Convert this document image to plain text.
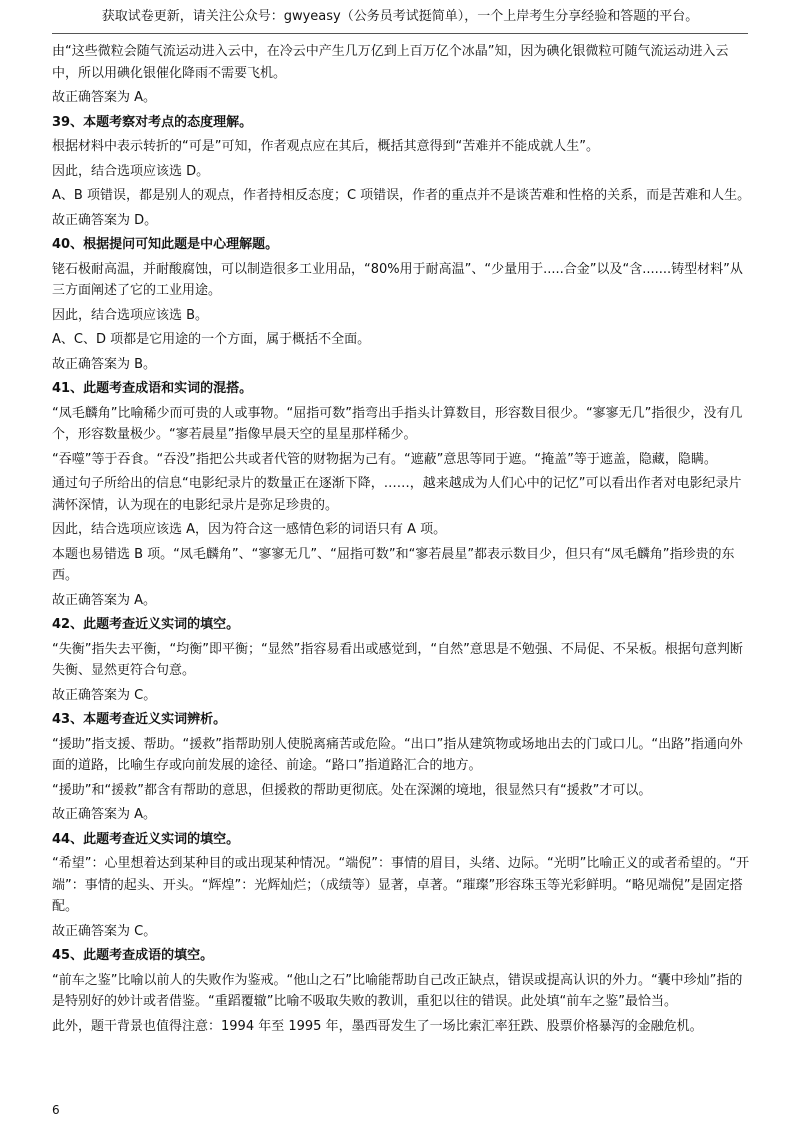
获取试卷更新，请关注公众号：gwyeasy（公务员考试挺简单），一个上岸考生分享经验和答题的平台。
由“这些微粒会随气流运动进入云中，在冷云中产生几万亿到上百万亿个冰晶”知，因为碘化银微粒可随气流运动进入云中，所以用碘化银催化降雨不需要飞机。
故正确答案为 A。
39、本题考察对考点的态度理解。
根据材料中表示转折的“可是”可知，作者观点应在其后，概括其意得到“苦难并不能成就人生”。
因此，结合选项应该选 D。
A、B 项错误，都是别人的观点，作者持相反态度；C 项错误，作者的重点并不是谈苦难和性格的关系，而是苦难和人生。
故正确答案为 D。
40、根据提问可知此题是中心理解题。
铑石极耐高温，并耐酸腐蚀，可以制造很多工业用品，“80%用于耐高温”、“少量用于.....合金”以及“含.......铸型材料”从三方面阐述了它的工业用途。
因此，结合选项应该选 B。
A、C、D 项都是它用途的一个方面，属于概括不全面。
故正确答案为 B。
41、此题考查成语和实词的混搭。
“凤毛麟角”比喻稀少而可贵的人或事物。“屈指可数”指弯出手指头计算数目，形容数目很少。“寥寥无几”指很少，没有几个，形容数量极少。“寥若晨星”指像早晨天空的星星那样稀少。
“吞噬”等于吞食。“吞没”指把公共或者代管的财物据为己有。“遮蔽”意思等同于遮。“掩盖”等于遮盖，隐藏，隐瞒。
通过句子所给出的信息“电影纪录片的数量正在逐渐下降，……，越来越成为人们心中的记忆”可以看出作者对电影纪录片满怀深情，认为现在的电影纪录片是弥足珍贵的。
因此，结合选项应该选 A，因为符合这一感情色彩的词语只有 A 项。
本题也易错选 B 项。“凤毛麟角”、“寥寥无几”、“屈指可数”和“寥若晨星”都表示数目少，但只有“凤毛麟角”指珍贵的东西。
故正确答案为 A。
42、此题考查近义实词的填空。
“失衡”指失去平衡，“均衡”即平衡；“显然”指容易看出或感觉到，“自然”意思是不勉强、不局促、不呆板。根据句意判断失衡、显然更符合句意。
故正确答案为 C。
43、本题考查近义实词辨析。
“援助”指支援、帮助。“援救”指帮助别人使脱离痛苦或危险。“出口”指从建筑物或场地出去的门或口儿。“出路”指通向外面的道路，比喻生存或向前发展的途径、前途。“路口”指道路汇合的地方。
“援助”和“援救”都含有帮助的意思，但援救的帮助更彻底。处在深渊的境地，很显然只有“援救”才可以。
故正确答案为 A。
44、此题考查近义实词的填空。
“希望”：心里想着达到某种目的或出现某种情况。“端倪”：事情的眉目，头绪、边际。“光明”比喻正义的或者希望的。“开端”：事情的起头、开头。“辉煌”：光辉灿烂；（成绩等）显著，卓著。“璀璨”形容珠玉等光彩鲜明。“略见端倪”是固定搭配。
故正确答案为 C。
45、此题考查成语的填空。
“前车之鉴”比喻以前人的失败作为鉴戒。“他山之石”比喻能帮助自己改正缺点，错误或提高认识的外力。“囊中珍灿”指的是特别好的妙计或者借鉴。“重蹈覆辙”比喻不吸取失败的教训，重犯以往的错误。此处填“前车之鉴”最恰当。
此外，题干背景也值得注意：1994 年至 1995 年，墨西哥发生了一场比索汇率狂跌、股票价格暴泻的金融危机。
6
